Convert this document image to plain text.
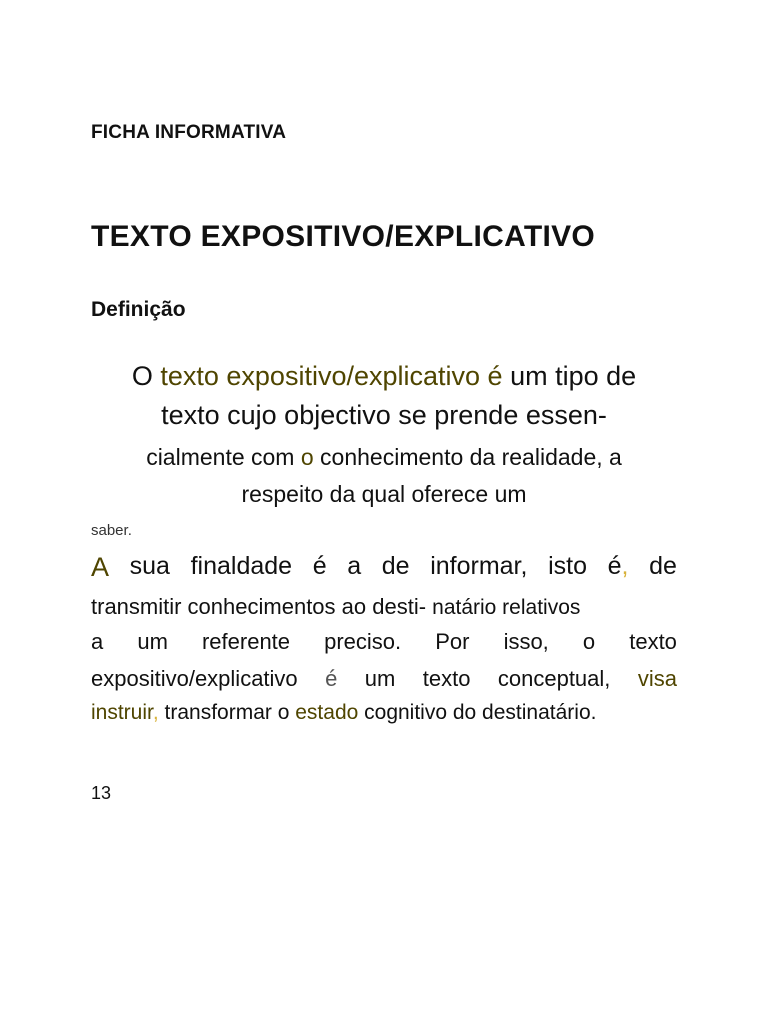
FICHA INFORMATIVA
TEXTO EXPOSITIVO/EXPLICATIVO
Definição
O texto expositivo/explicativo é um tipo de
texto cujo objectivo se prende essen-
cialmente com o conhecimento da realidade, a
respeito da qual oferece um
saber.
A sua finaldade é a de informar, isto é, de
transmitir conhecimentos ao desti- natário relativos
a um referente preciso. Por isso, o texto
expositivo/explicativo é um texto conceptual, visa
instruir, transformar o estado cognitivo do destinatário.
13
